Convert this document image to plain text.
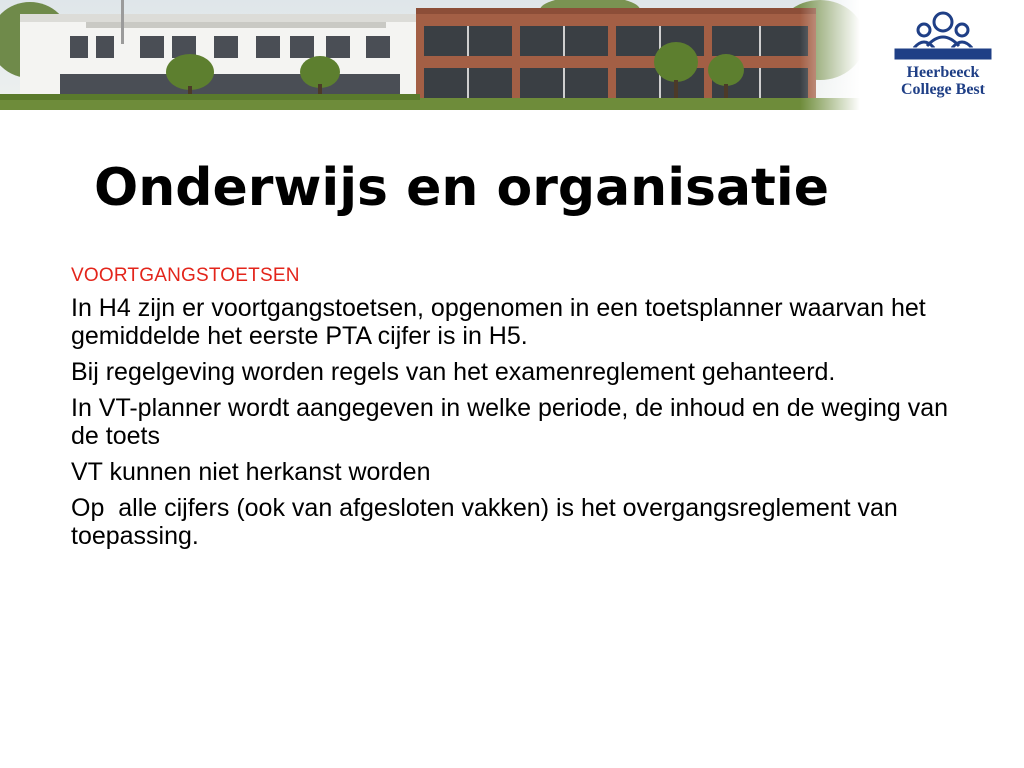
Heerbeeck
College Best
Onderwijs en organisatie
VOORTGANGSTOETSEN

In H4 zijn er voortgangstoetsen, opgenomen in een toetsplanner waarvan het gemiddelde het eerste PTA cijfer is in H5.

Bij regelgeving worden regels van het examenreglement gehanteerd.

In VT-planner wordt aangegeven in welke periode, de inhoud en de weging van de toets

VT kunnen niet herkanst worden

Op  alle cijfers (ook van afgesloten vakken) is het overgangsreglement van toepassing.
